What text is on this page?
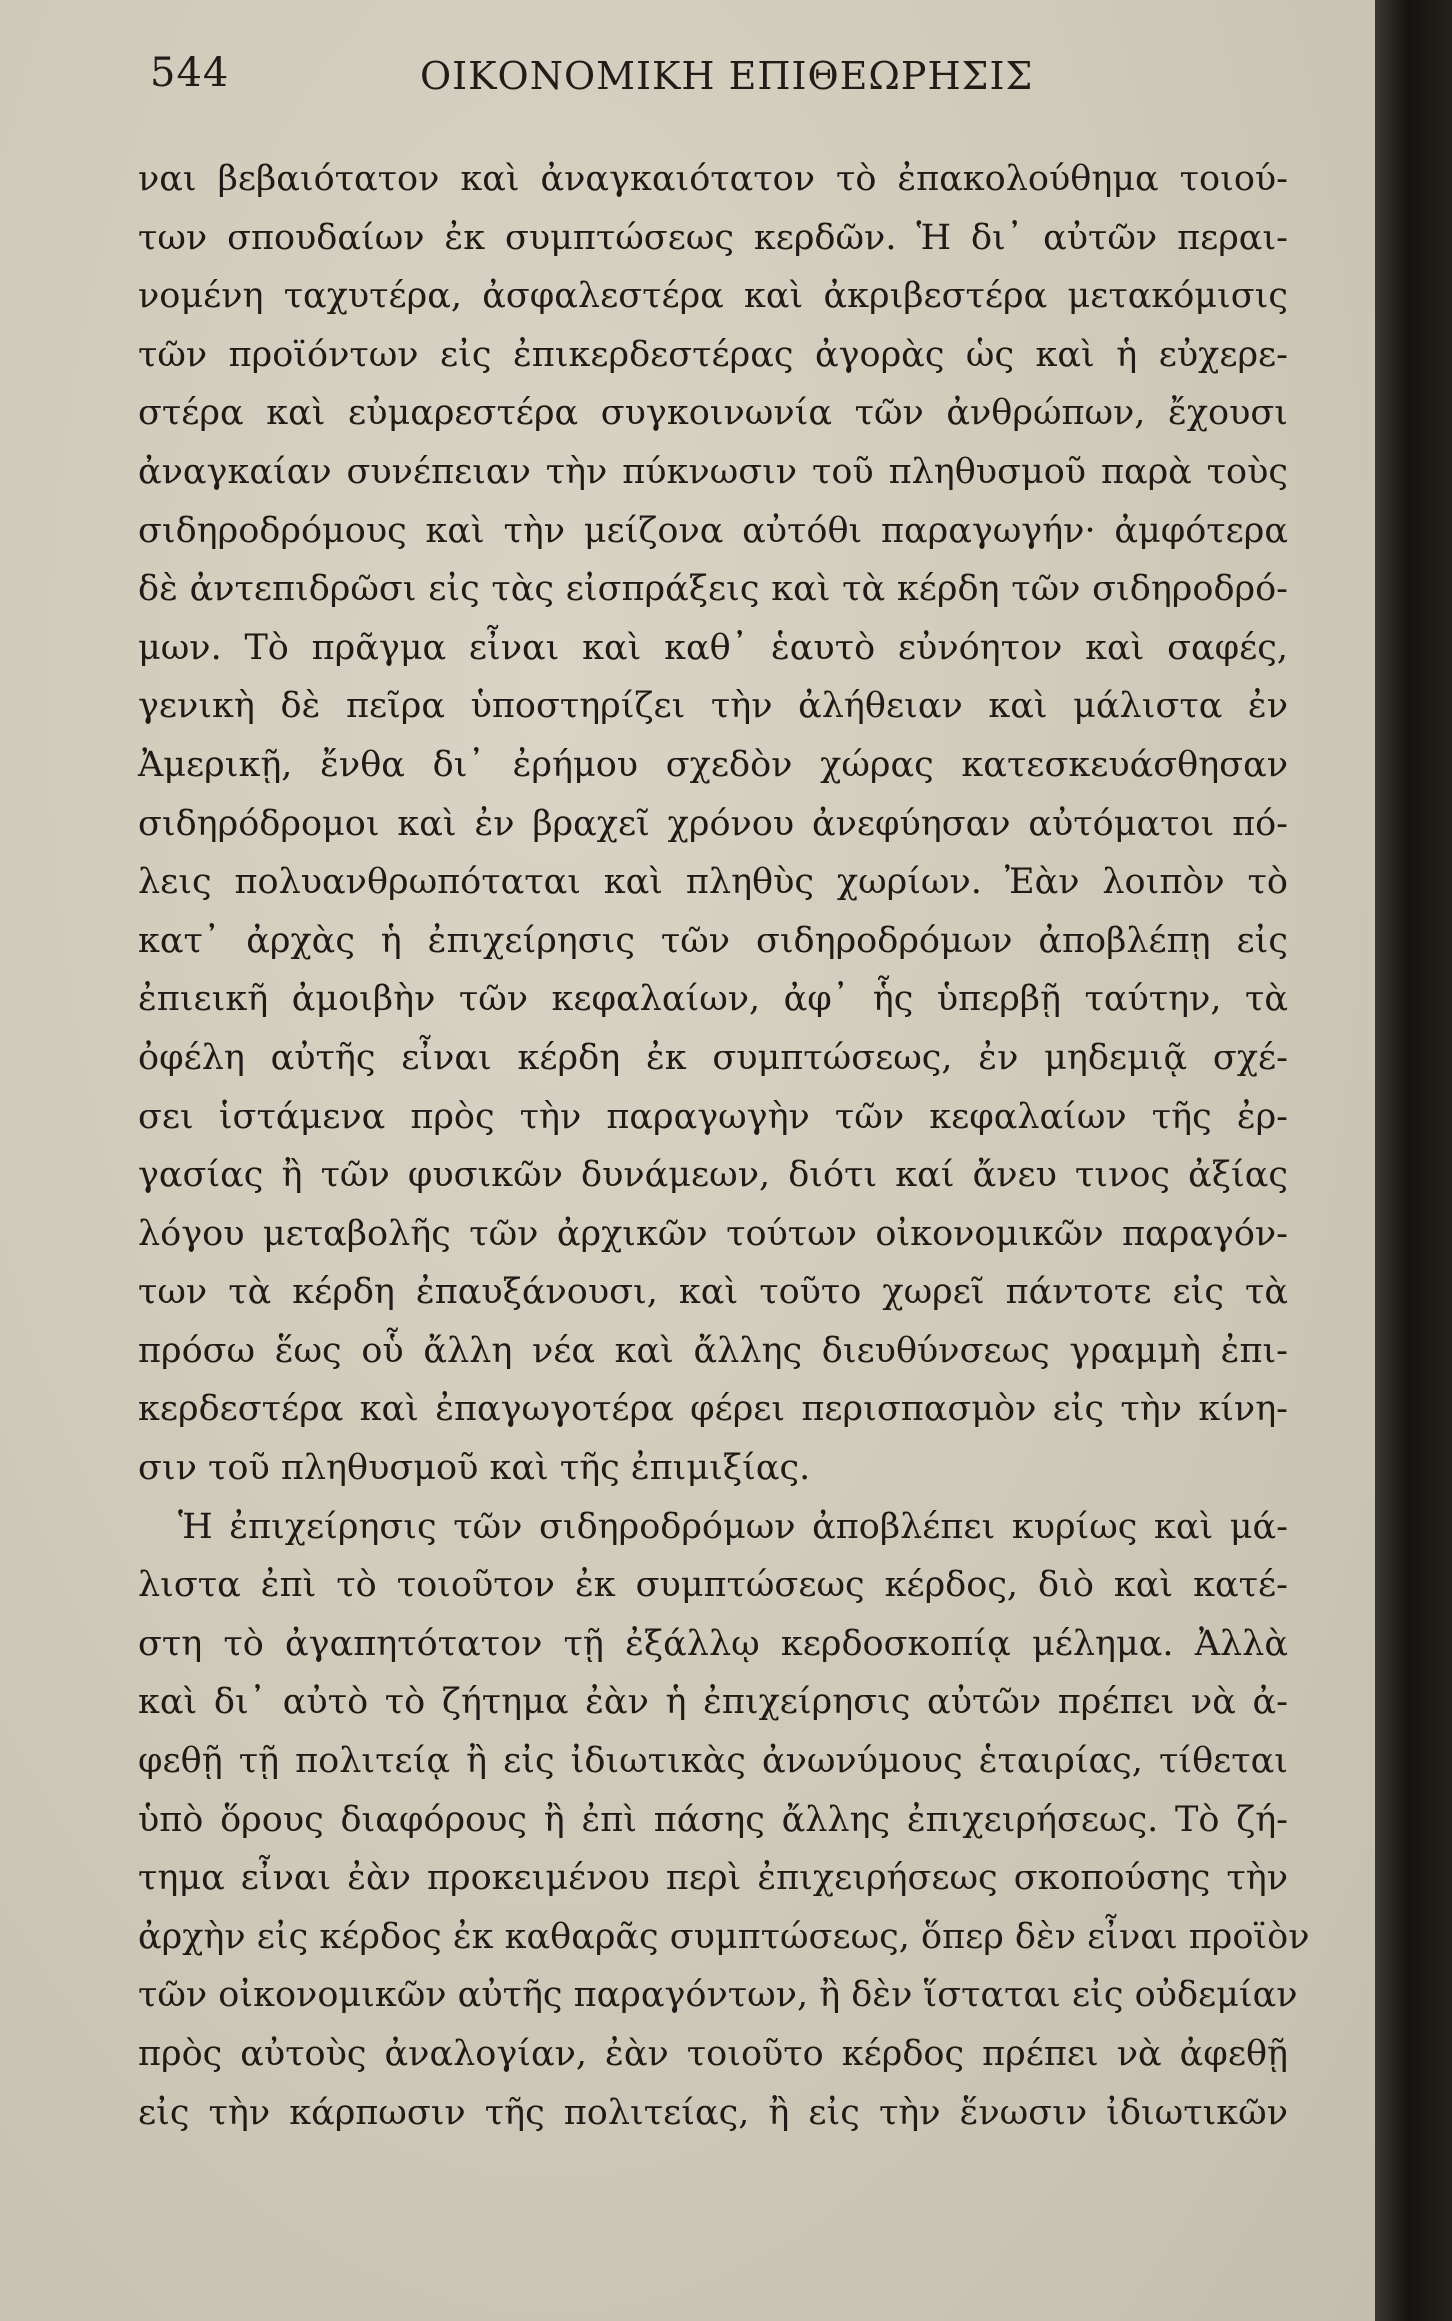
544	ΟΙΚΟΝΟΜΙΚΗ ΕΠΙΘΕΩΡΗΣΙΣ
ναι βεβαιότατον καὶ ἀναγκαιότατον τὸ ἐπακολούθημα τοιού-
των σπουδαίων ἐκ συμπτώσεως κερδῶν. Ἡ δι᾽ αὐτῶν περαι-
νομένη ταχυτέρα, ἀσφαλεστέρα καὶ ἀκριβεστέρα μετακόμισις
τῶν προϊόντων εἰς ἐπικερδεστέρας ἀγορὰς ὡς καὶ ἡ εὐχερε-
στέρα καὶ εὐμαρεστέρα συγκοινωνία τῶν ἀνθρώπων, ἔχουσι
ἀναγκαίαν συνέπειαν τὴν πύκνωσιν τοῦ πληθυσμοῦ παρὰ τοὺς
σιδηροδρόμους καὶ τὴν μείζονα αὐτόθι παραγωγήν· ἀμφότερα
δὲ ἀντεπιδρῶσι εἰς τὰς εἰσπράξεις καὶ τὰ κέρδη τῶν σιδηροδρό-
μων. Τὸ πρᾶγμα εἶναι καὶ καθ᾽ ἑαυτὸ εὐνόητον καὶ σαφές,
γενικὴ δὲ πεῖρα ὑποστηρίζει τὴν ἀλήθειαν καὶ μάλιστα ἐν
Ἀμερικῇ, ἔνθα δι᾽ ἐρήμου σχεδὸν χώρας κατεσκευάσθησαν
σιδηρόδρομοι καὶ ἐν βραχεῖ χρόνου ἀνεφύησαν αὐτόματοι πό-
λεις πολυανθρωπόταται καὶ πληθὺς χωρίων. Ἐὰν λοιπὸν τὸ
κατ᾽ ἀρχὰς ἡ ἐπιχείρησις τῶν σιδηροδρόμων ἀποβλέπῃ εἰς
ἐπιεικῆ ἀμοιβὴν τῶν κεφαλαίων, ἀφ᾽ ἧς ὑπερβῇ ταύτην, τὰ
ὀφέλη αὐτῆς εἶναι κέρδη ἐκ συμπτώσεως, ἐν μηδεμιᾷ σχέ-
σει ἱστάμενα πρὸς τὴν παραγωγὴν τῶν κεφαλαίων τῆς ἐρ-
γασίας ἢ τῶν φυσικῶν δυνάμεων, διότι καί ἄνευ τινος ἀξίας
λόγου μεταβολῆς τῶν ἀρχικῶν τούτων οἰκονομικῶν παραγόν-
των τὰ κέρδη ἐπαυξάνουσι, καὶ τοῦτο χωρεῖ πάντοτε εἰς τὰ
πρόσω ἕως οὗ ἄλλη νέα καὶ ἄλλης διευθύνσεως γραμμὴ ἐπι-
κερδεστέρα καὶ ἐπαγωγοτέρα φέρει περισπασμὸν εἰς τὴν κίνη-
σιν τοῦ πληθυσμοῦ καὶ τῆς ἐπιμιξίας.
Ἡ ἐπιχείρησις τῶν σιδηροδρόμων ἀποβλέπει κυρίως καὶ μά-
λιστα ἐπὶ τὸ τοιοῦτον ἐκ συμπτώσεως κέρδος, διὸ καὶ κατέ-
στη τὸ ἀγαπητότατον τῇ ἐξάλλῳ κερδοσκοπίᾳ μέλημα. Ἀλλὰ
καὶ δι᾽ αὐτὸ τὸ ζήτημα ἐὰν ἡ ἐπιχείρησις αὐτῶν πρέπει νὰ ἀ-
φεθῇ τῇ πολιτείᾳ ἢ εἰς ἰδιωτικὰς ἀνωνύμους ἑταιρίας, τίθεται
ὑπὸ ὅρους διαφόρους ἢ ἐπὶ πάσης ἄλλης ἐπιχειρήσεως. Τὸ ζή-
τημα εἶναι ἐὰν προκειμένου περὶ ἐπιχειρήσεως σκοπούσης τὴν
ἀρχὴν εἰς κέρδος ἐκ καθαρᾶς συμπτώσεως, ὅπερ δὲν εἶναι προϊὸν
τῶν οἰκονομικῶν αὐτῆς παραγόντων, ἢ δὲν ἵσταται εἰς οὐδεμίαν
πρὸς αὐτοὺς ἀναλογίαν, ἐὰν τοιοῦτο κέρδος πρέπει νὰ ἀφεθῇ
εἰς τὴν κάρπωσιν τῆς πολιτείας, ἢ εἰς τὴν ἕνωσιν ἰδιωτικῶν
